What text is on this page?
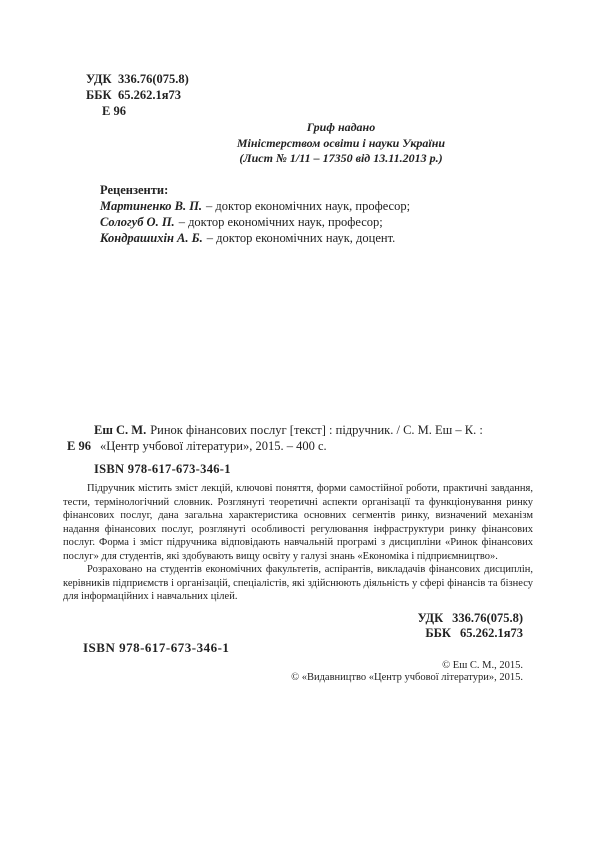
УДК 336.76(075.8)
ББК 65.262.1я73
Е 96
Гриф надано
Міністерством освіти і науки України
(Лист № 1/11 – 17350 від 13.11.2013 р.)
Рецензенти:
Мартиненко В. П. – доктор економічних наук, професор;
Сологуб О. П. – доктор економічних наук, професор;
Кондрашихін А. Б. – доктор економічних наук, доцент.
Еш С. М. Ринок фінансових послуг [текст] : підручник. / С. М. Еш – К. :
Е 96 «Центр учбової літератури», 2015. – 400 с.
ISBN 978-617-673-346-1

Підручник містить зміст лекцій, ключові поняття, форми самостійної роботи, практичні завдання, тести, термінологічний словник. Розглянуті теоретичні аспекти організації та функціонування ринку фінансових послуг, дана загальна характеристика основних сегментів ринку, визначений механізм надання фінансових послуг, розглянуті особливості регулювання інфраструктури ринку фінансових послуг. Форма і зміст підручника відповідають навчальній програмі з дисципліни «Ринок фінансових послуг» для студентів, які здобувають вищу освіту у галузі знань «Економіка і підприємництво».

Розраховано на студентів економічних факультетів, аспірантів, викладачів фінансових дисциплін, керівників підприємств і організацій, спеціалістів, які здійснюють діяльність у сфері фінансів та бізнесу для інформаційних і навчальних цілей.

УДК 336.76(075.8)
ББК 65.262.1я73
ISBN 978-617-673-346-1
© Еш С. М., 2015.
© «Видавництво «Центр учбової літератури», 2015.
